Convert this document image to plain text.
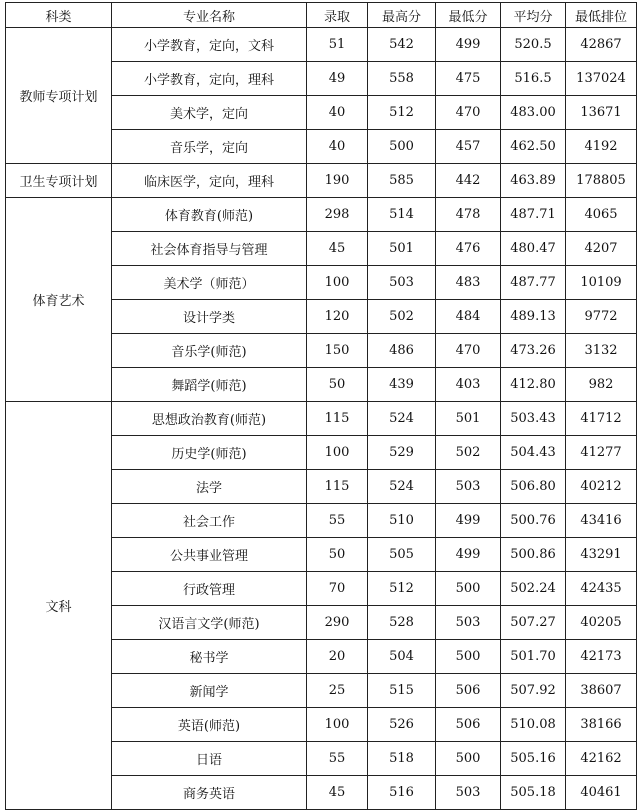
科类	专业名称	录取	最高分	最低分	平均分	最低排位
教师专项计划	小学教育，定向，文科	51	542	499	520.5	42867
	小学教育，定向，理科	49	558	475	516.5	137024
	美术学，定向	40	512	470	483.00	13671
	音乐学，定向	40	500	457	462.50	4192
卫生专项计划	临床医学，定向，理科	190	585	442	463.89	178805
体育艺术	体育教育(师范)	298	514	478	487.71	4065
	社会体育指导与管理	45	501	476	480.47	4207
	美术学（师范）	100	503	483	487.77	10109
	设计学类	120	502	484	489.13	9772
	音乐学(师范)	150	486	470	473.26	3132
	舞蹈学(师范)	50	439	403	412.80	982
文科	思想政治教育(师范)	115	524	501	503.43	41712
	历史学(师范)	100	529	502	504.43	41277
	法学	115	524	503	506.80	40212
	社会工作	55	510	499	500.76	43416
	公共事业管理	50	505	499	500.86	43291
	行政管理	70	512	500	502.24	42435
	汉语言文学(师范)	290	528	503	507.27	40205
	秘书学	20	504	500	501.70	42173
	新闻学	25	515	506	507.92	38607
	英语(师范)	100	526	506	510.08	38166
	日语	55	518	500	505.16	42162
	商务英语	45	516	503	505.18	40461
